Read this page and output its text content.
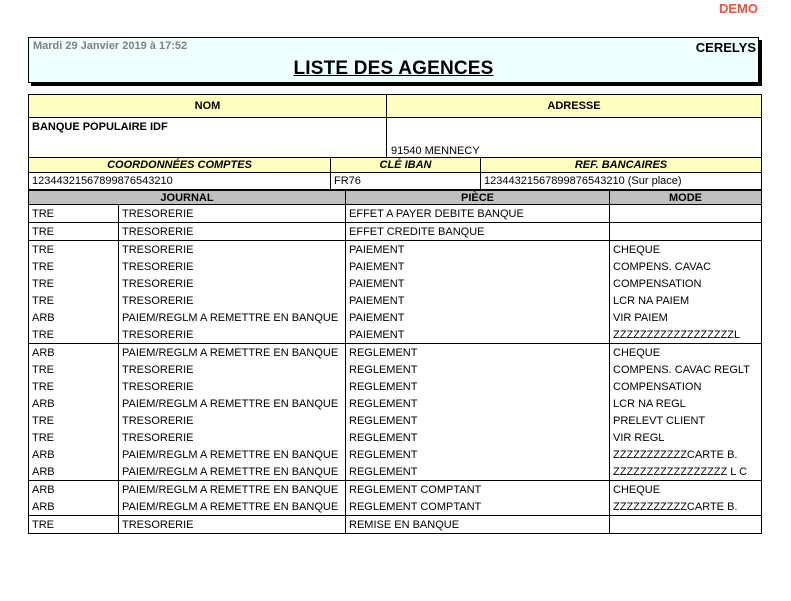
DEMO
Mardi 29 Janvier 2019 à 17:52	CERELYS
LISTE DES AGENCES
NOM	ADRESSE
BANQUE POPULAIRE IDF	91540 MENNECY
COORDONNÉES COMPTES	CLÉ IBAN	REF. BANCAIRES
12344321567899876543210	FR76	12344321567899876543210 (Sur place)
JOURNAL		PIÈCE	MODE
TRE	TRESORERIE	EFFET A PAYER DEBITE BANQUE	
TRE	TRESORERIE	EFFET CREDITE BANQUE	
TRE	TRESORERIE	PAIEMENT	CHEQUE
TRE	TRESORERIE	PAIEMENT	COMPENS. CAVAC
TRE	TRESORERIE	PAIEMENT	COMPENSATION
TRE	TRESORERIE	PAIEMENT	LCR NA PAIEM
ARB	PAIEM/REGLM A REMETTRE EN BANQUE	PAIEMENT	VIR PAIEM
TRE	TRESORERIE	PAIEMENT	ZZZZZZZZZZZZZZZZZZL
ARB	PAIEM/REGLM A REMETTRE EN BANQUE	REGLEMENT	CHEQUE
TRE	TRESORERIE	REGLEMENT	COMPENS. CAVAC REGLT
TRE	TRESORERIE	REGLEMENT	COMPENSATION
ARB	PAIEM/REGLM A REMETTRE EN BANQUE	REGLEMENT	LCR NA REGL
TRE	TRESORERIE	REGLEMENT	PRELEVT CLIENT
TRE	TRESORERIE	REGLEMENT	VIR REGL
ARB	PAIEM/REGLM A REMETTRE EN BANQUE	REGLEMENT	ZZZZZZZZZZZCARTE B.
ARB	PAIEM/REGLM A REMETTRE EN BANQUE	REGLEMENT	ZZZZZZZZZZZZZZZZZ L C
ARB	PAIEM/REGLM A REMETTRE EN BANQUE	REGLEMENT COMPTANT	CHEQUE
ARB	PAIEM/REGLM A REMETTRE EN BANQUE	REGLEMENT COMPTANT	ZZZZZZZZZZZCARTE B.
TRE	TRESORERIE	REMISE EN BANQUE	
